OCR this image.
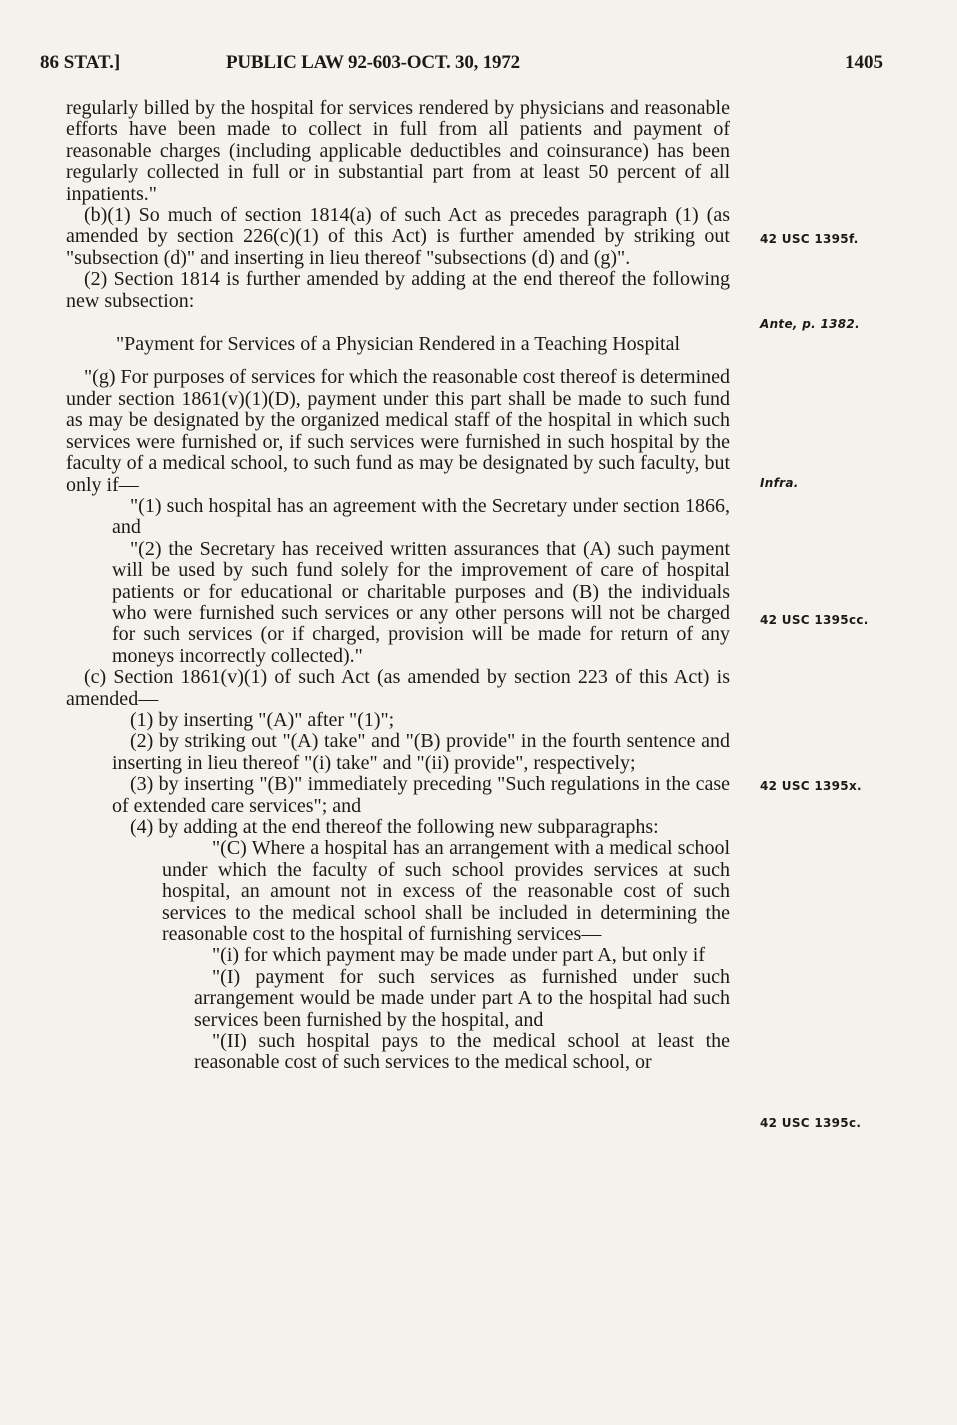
86 STAT.]	PUBLIC LAW 92-603-OCT. 30, 1972	1405
42 USC 1395f.
Ante, p. 1382.
Infra.
42 USC 1395cc.
42 USC 1395x.
42 USC 1395c.

regularly billed by the hospital for services rendered by physicians and reasonable efforts have been made to collect in full from all patients and payment of reasonable charges (including applicable deductibles and coinsurance) has been regularly collected in full or in substantial part from at least 50 percent of all inpatients."

(b)(1) So much of section 1814(a) of such Act as precedes paragraph (1) (as amended by section 226(c)(1) of this Act) is further amended by striking out "subsection (d)" and inserting in lieu thereof "subsections (d) and (g)".

(2) Section 1814 is further amended by adding at the end thereof the following new subsection:

"Payment for Services of a Physician Rendered in a Teaching Hospital

"(g) For purposes of services for which the reasonable cost thereof is determined under section 1861(v)(1)(D), payment under this part shall be made to such fund as may be designated by the organized medical staff of the hospital in which such services were furnished or, if such services were furnished in such hospital by the faculty of a medical school, to such fund as may be designated by such faculty, but only if—

"(1) such hospital has an agreement with the Secretary under section 1866, and

"(2) the Secretary has received written assurances that (A) such payment will be used by such fund solely for the improvement of care of hospital patients or for educational or charitable purposes and (B) the individuals who were furnished such services or any other persons will not be charged for such services (or if charged, provision will be made for return of any moneys incorrectly collected)."

(c) Section 1861(v)(1) of such Act (as amended by section 223 of this Act) is amended—

(1) by inserting "(A)" after "(1)";

(2) by striking out "(A) take" and "(B) provide" in the fourth sentence and inserting in lieu thereof "(i) take" and "(ii) provide", respectively;

(3) by inserting "(B)" immediately preceding "Such regulations in the case of extended care services"; and

(4) by adding at the end thereof the following new subparagraphs:

"(C) Where a hospital has an arrangement with a medical school under which the faculty of such school provides services at such hospital, an amount not in excess of the reasonable cost of such services to the medical school shall be included in determining the reasonable cost to the hospital of furnishing services—

"(i) for which payment may be made under part A, but only if

"(I) payment for such services as furnished under such arrangement would be made under part A to the hospital had such services been furnished by the hospital, and

"(II) such hospital pays to the medical school at least the reasonable cost of such services to the medical school, or
